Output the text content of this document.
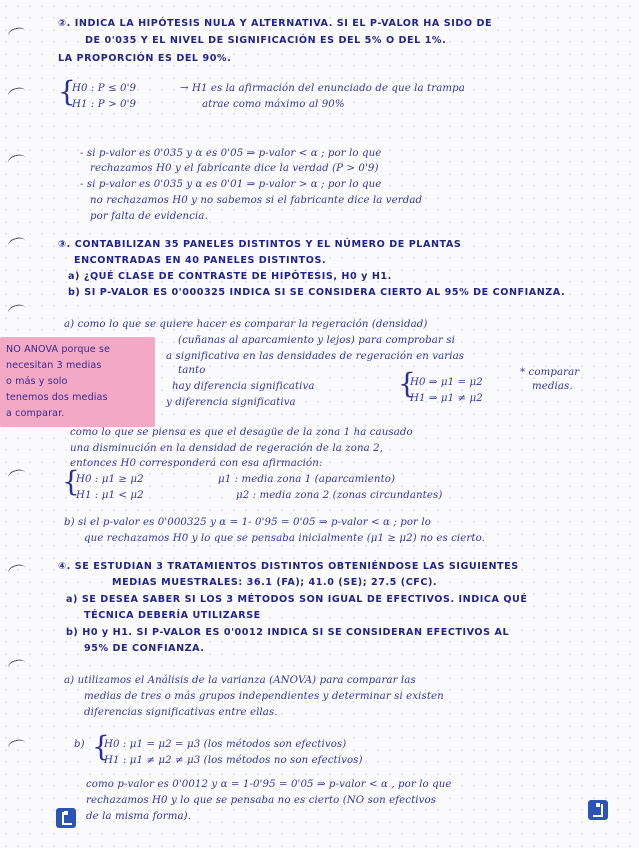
②. INDICA LA HIPÓTESIS NULA Y ALTERNATIVA. SI EL P-VALOR HA SIDO DE
DE 0'035 Y EL NIVEL DE SIGNIFICACIÓN ES DEL 5% O DEL 1%.
LA PROPORCIÓN ES DEL 90%.
{
H0 : P ≤ 0'9
H1 : P > 0'9
→ H1 es la afirmación del enunciado de que la trampa
atrae como máximo al 90%
- si p-valor es 0'035 y α es 0'05 ⇒ p-valor < α ; por lo que
rechazamos H0 y el fabricante dice la verdad (P > 0'9)
- si p-valor es 0'035 y α es 0'01 ⇒ p-valor > α ; por lo que
no rechazamos H0 y no sabemos si el fabricante dice la verdad
por falta de evidencia.
③. CONTABILIZAN 35 PANELES DISTINTOS Y EL NÚMERO DE PLANTAS
ENCONTRADAS EN 40 PANELES DISTINTOS.
a) ¿QUÉ CLASE DE CONTRASTE DE HIPÓTESIS, H0 y H1.
b) SI P-VALOR ES 0'000325 INDICA SI SE CONSIDERA CIERTO AL 95% DE CONFIANZA.
a) como lo que se quiere hacer es comparar la regeración (densidad)
(cuñanas al aparcamiento y lejos) para comprobar si
a significativa en las densidades de regeración en varias
tanto
hay diferencia significativa
y diferencia significativa
* comparar
medias.
{
H0 ⇒ μ1 = μ2
H1 ⇒ μ1 ≠ μ2
como lo que se piensa es que el desagüe de la zona 1 ha causado
una disminución en la densidad de regeración de la zona 2,
entonces H0 corresponderá con esa afirmación:
{
H0 : μ1 ≥ μ2
H1 : μ1 < μ2
μ1 : media zona 1 (aparcamiento)
μ2 : media zona 2 (zonas circundantes)
b) si el p-valor es 0'000325 y α = 1- 0'95 = 0'05 ⇒ p-valor < α ; por lo
que rechazamos H0 y lo que se pensaba inicialmente (μ1 ≥ μ2) no es cierto.
NO ANOVA porque se
necesitan 3 medias
o más y solo
tenemos dos medias
a comparar.
④. SE ESTUDIAN 3 TRATAMIENTOS DISTINTOS OBTENIÉNDOSE LAS SIGUIENTES
MEDIAS MUESTRALES: 36.1 (FA); 41.0 (SE); 27.5 (CFC).
a) SE DESEA SABER SI LOS 3 MÉTODOS SON IGUAL DE EFECTIVOS. INDICA QUÉ
TÉCNICA DEBERÍA UTILIZARSE
b) H0 y H1. SI P-VALOR ES 0'0012 INDICA SI SE CONSIDERAN EFECTIVOS AL
95% DE CONFIANZA.
a) utilizamos el Análisis de la varianza (ANOVA) para comparar las
medias de tres o más grupos independientes y determinar si existen
diferencias significativas entre ellas.
{
b) H0 : μ1 = μ2 = μ3 (los métodos son efectivos)
H1 : μ1 ≠ μ2 ≠ μ3 (los métodos no son efectivos)
como p-valor es 0'0012 y α = 1-0'95 = 0'05 ⇒ p-valor < α , por lo que
rechazamos H0 y lo que se pensaba no es cierto (NO son efectivos
de la misma forma).
